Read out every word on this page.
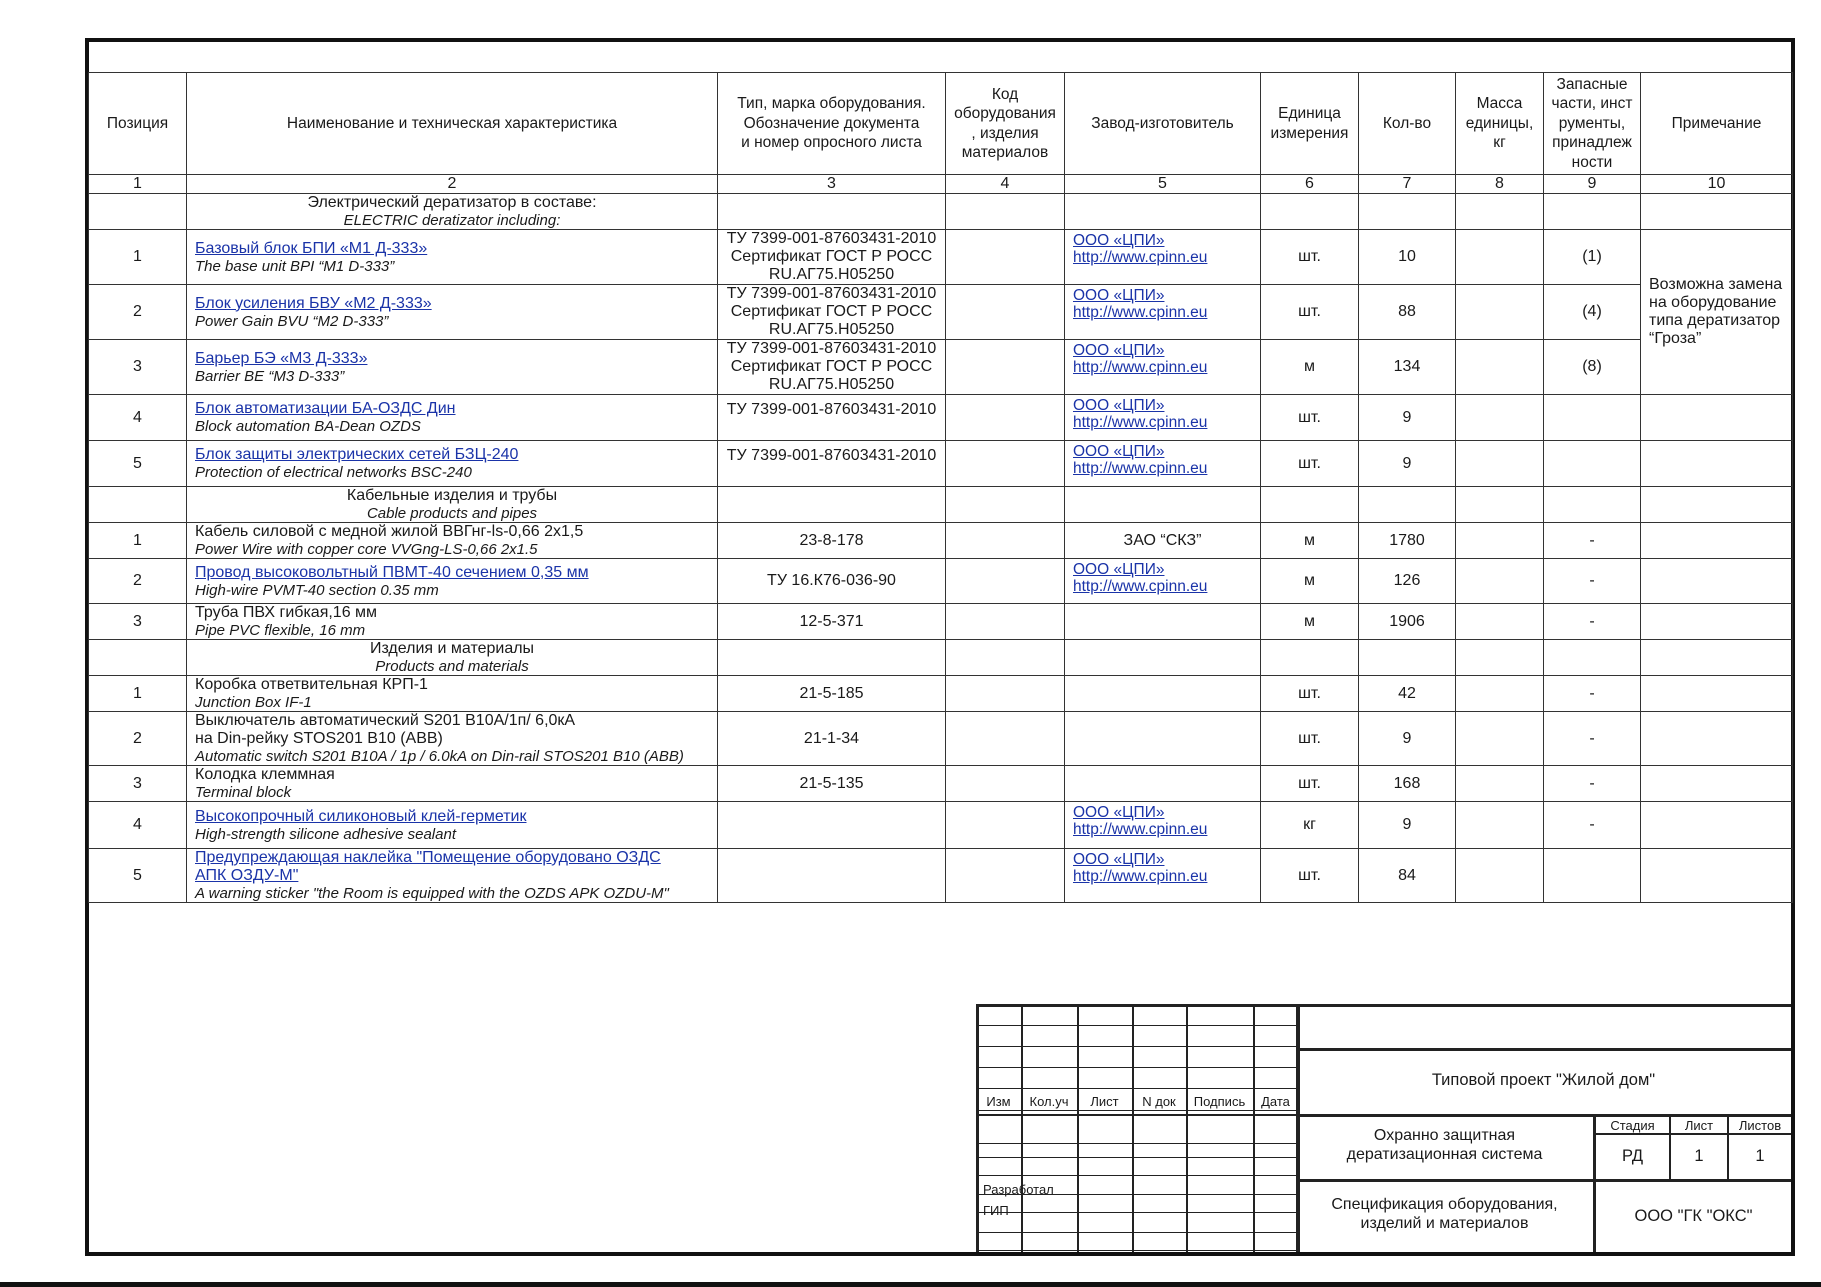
Позиция	Наименование и техническая характеристика	Тип, марка оборудования.
Обозначение документа
и номер опросного листа	Код
оборудования
, изделия
материалов	Завод-изготовитель	Единица
измерения	Кол-во	Масса
единицы,
кг	Запасные
части, инст
рументы,
принадлеж
ности	Примечание
1	2	3	4	5	6	7	8	9	10

	Электрический дератизатор в составе:
ELECTRIC deratizator including:								

1	Базовый блок БПИ «М1 Д-333»
The base unit BPI “M1 D-333”	ТУ 7399-001-87603431-2010
Сертификат ГОСТ Р РОСС
RU.АГ75.Н05250		ООО «ЦПИ»
http://www.cpinn.eu	шт.	10		(1)	Возможна замена
на оборудование
типа дератизатор
“Гроза”
2	Блок усиления БВУ «М2 Д-333»
Power Gain BVU “M2 D-333”	ТУ 7399-001-87603431-2010
Сертификат ГОСТ Р РОСС
RU.АГ75.Н05250		ООО «ЦПИ»
http://www.cpinn.eu	шт.	88		(4)	
3	Барьер БЭ «М3 Д-333»
Barrier BE “M3 D-333”	ТУ 7399-001-87603431-2010
Сертификат ГОСТ Р РОСС
RU.АГ75.Н05250		ООО «ЦПИ»
http://www.cpinn.eu	м	134		(8)	
4	Блок автоматизации БА-ОЗДС Дин
Block automation BA-Dean OZDS	ТУ 7399-001-87603431-2010		ООО «ЦПИ»
http://www.cpinn.eu	шт.	9			
5	Блок защиты электрических сетей БЗЦ-240
Protection of electrical networks BSC-240	ТУ 7399-001-87603431-2010		ООО «ЦПИ»
http://www.cpinn.eu	шт.	9			

	Кабельные изделия и трубы
Cable products and pipes								

1	Кабель силовой с медной жилой ВВГнг-ls-0,66 2х1,5
Power Wire with copper core VVGng-LS-0,66 2x1.5	23-8-178		ЗАО “СКЗ”	м	1780		-	
2	Провод высоковольтный ПВМТ-40 сечением 0,35 мм
High-wire PVMT-40 section 0.35 mm	ТУ 16.К76-036-90		ООО «ЦПИ»
http://www.cpinn.eu	м	126		-	
3	Труба ПВХ гибкая,16 мм
Pipe PVC flexible, 16 mm	12-5-371			м	1906		-	

	Изделия и материалы
Products and materials								

1	Коробка ответвительная КРП-1
Junction Box IF-1	21-5-185			шт.	42		-	
2	Выключатель автоматический S201 B10A/1п/ 6,0кА
на Din-рейку STOS201 B10 (ABB)
Automatic switch S201 B10A / 1p / 6.0kA on Din-rail STOS201 B10 (ABB)	21-1-34			шт.	9		-	
3	Колодка клеммная
Terminal block	21-5-135			шт.	168		-	
4	Высокопрочный силиконовый клей-герметик
High-strength silicone adhesive sealant			ООО «ЦПИ»
http://www.cpinn.eu	кг	9		-	
5	Предупреждающая наклейка "Помещение оборудовано ОЗДС
АПК ОЗДУ-М"
A warning sticker "the Room is equipped with the OZDS APK OZDU-M"			ООО «ЦПИ»
http://www.cpinn.eu	шт.	84			
Изм	Кол.уч	Лист	N док	Подпись	Дата
Разработал
ГИП
Типовой проект "Жилой дом"
Охранно защитная
дератизационная система
Спецификация оборудования,
изделий и материалов
Стадия	Лист	Листов
РД	1	1
ООО "ГК "ОКС"
